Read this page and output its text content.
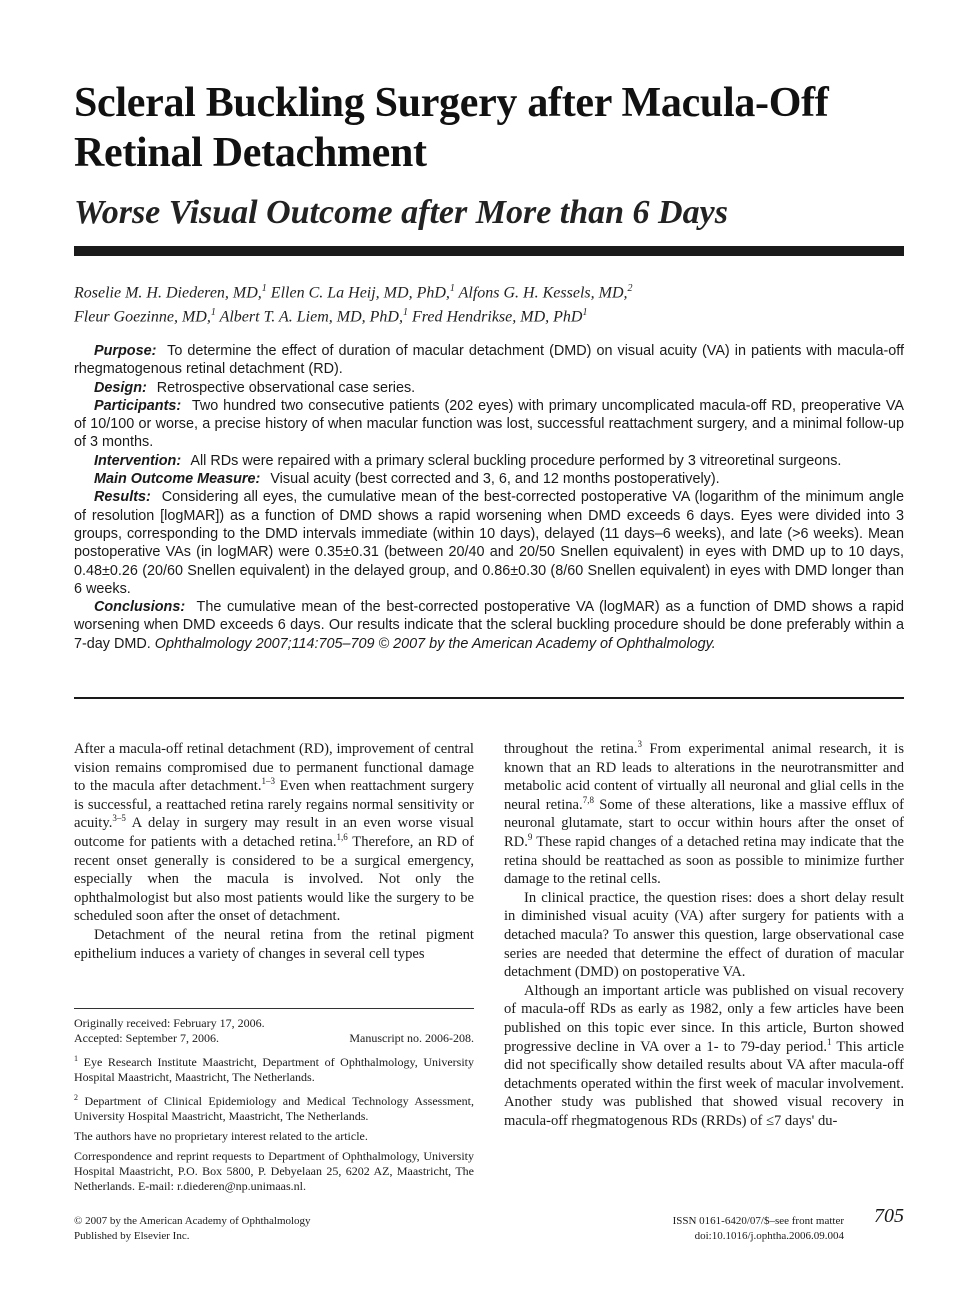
Scleral Buckling Surgery after Macula-Off Retinal Detachment
Worse Visual Outcome after More than 6 Days
Roselie M. H. Diederen, MD,$^1$ Ellen C. La Heij, MD, PhD,$^1$ Alfons G. H. Kessels, MD,$^2$
Fleur Goezinne, MD,$^1$ Albert T. A. Liem, MD, PhD,$^1$ Fred Hendrikse, MD, PhD$^1$

Purpose: To determine the effect of duration of macular detachment (DMD) on visual acuity (VA) in patients with macula-off rhegmatogenous retinal detachment (RD).

Design: Retrospective observational case series.

Participants: Two hundred two consecutive patients (202 eyes) with primary uncomplicated macula-off RD, preoperative VA of 10/100 or worse, a precise history of when macular function was lost, successful reattachment surgery, and a minimal follow-up of 3 months.

Intervention: All RDs were repaired with a primary scleral buckling procedure performed by 3 vitreoretinal surgeons.

Main Outcome Measure: Visual acuity (best corrected and 3, 6, and 12 months postoperatively).

Results: Considering all eyes, the cumulative mean of the best-corrected postoperative VA (logarithm of the minimum angle of resolution [logMAR]) as a function of DMD shows a rapid worsening when DMD exceeds 6 days. Eyes were divided into 3 groups, corresponding to the DMD intervals immediate (within 10 days), delayed (11 days–6 weeks), and late (>6 weeks). Mean postoperative VAs (in logMAR) were 0.35±0.31 (between 20/40 and 20/50 Snellen equivalent) in eyes with DMD up to 10 days, 0.48±0.26 (20/60 Snellen equivalent) in the delayed group, and 0.86±0.30 (8/60 Snellen equivalent) in eyes with DMD longer than 6 weeks.

Conclusions: The cumulative mean of the best-corrected postoperative VA (logMAR) as a function of DMD shows a rapid worsening when DMD exceeds 6 days. Our results indicate that the scleral buckling procedure should be done preferably within a 7-day DMD. Ophthalmology 2007;114:705–709 © 2007 by the American Academy of Ophthalmology.

After a macula-off retinal detachment (RD), improvement of central vision remains compromised due to permanent functional damage to the macula after detachment.$^{1-3}$ Even when reattachment surgery is successful, a reattached retina rarely regains normal sensitivity or acuity.$^{3-5}$ A delay in surgery may result in an even worse visual outcome for patients with a detached retina.$^{1,6}$ Therefore, an RD of recent onset generally is considered to be a surgical emergency, especially when the macula is involved. Not only the ophthalmologist but also most patients would like the surgery to be scheduled soon after the onset of detachment.

Detachment of the neural retina from the retinal pigment epithelium induces a variety of changes in several cell types

throughout the retina.$^3$ From experimental animal research, it is known that an RD leads to alterations in the neurotransmitter and metabolic acid content of virtually all neuronal and glial cells in the neural retina.$^{7,8}$ Some of these alterations, like a massive efflux of neuronal glutamate, start to occur within hours after the onset of RD.$^9$ These rapid changes of a detached retina may indicate that the retina should be reattached as soon as possible to minimize further damage to the retinal cells.

In clinical practice, the question rises: does a short delay result in diminished visual acuity (VA) after surgery for patients with a detached macula? To answer this question, large observational case series are needed that determine the effect of duration of macular detachment (DMD) on postoperative VA.

Although an important article was published on visual recovery of macula-off RDs as early as 1982, only a few articles have been published on this topic ever since. In this article, Burton showed progressive decline in VA over a 1- to 79-day period.$^1$ This article did not specifically show detailed results about VA after macula-off detachments operated within the first week of macular involvement. Another study was published that showed visual recovery in macula-off rhegmatogenous RDs (RRDs) of ≤7 days' du-

Originally received: February 17, 2006.

Accepted: September 7, 2006.	Manuscript no. 2006-208.

$^1$ Eye Research Institute Maastricht, Department of Ophthalmology, University Hospital Maastricht, Maastricht, The Netherlands.

$^2$ Department of Clinical Epidemiology and Medical Technology Assessment, University Hospital Maastricht, Maastricht, The Netherlands.

The authors have no proprietary interest related to the article.

Correspondence and reprint requests to Department of Ophthalmology, University Hospital Maastricht, P.O. Box 5800, P. Debyelaan 25, 6202 AZ, Maastricht, The Netherlands. E-mail: r.diederen@np.unimaas.nl.

© 2007 by the American Academy of Ophthalmology
Published by Elsevier Inc.
ISSN 0161-6420/07/$–see front matter
doi:10.1016/j.ophtha.2006.09.004
705
